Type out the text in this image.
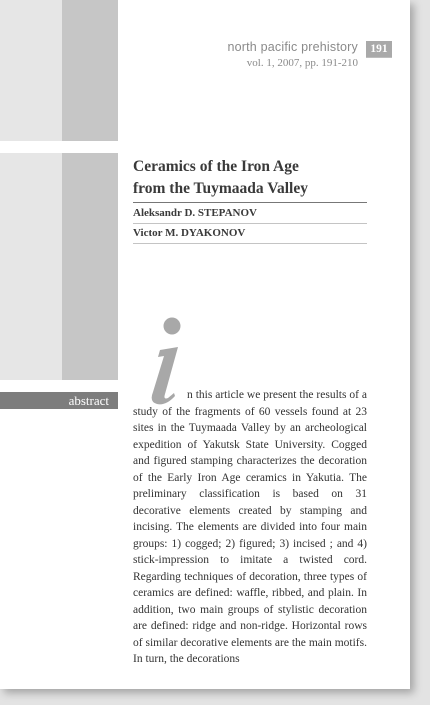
north pacific prehistory
vol. 1, 2007, pp. 191-210
191
Ceramics of the Iron Age
from the Tuymaada Valley
Aleksandr D. STEPANOV
Victor M. DYAKONOV
abstract	n this article we present the results of a study of the fragments of 60 vessels found at 23 sites in the Tuymaada Valley by an archeological expedition of Yakutsk State University. Cogged and figured stamping characterizes the decoration of the Early Iron Age ceramics in Yakutia. The preliminary classification is based on 31 decorative elements created by stamping and incising. The elements are divided into four main groups: 1) cogged; 2) figured; 3) incised ; and 4) stick-impression to imitate a twisted cord. Regarding techniques of decoration, three types of ceramics are defined: waffle, ribbed, and plain. In addition, two main groups of stylistic decoration are defined: ridge and non-ridge. Horizontal rows of similar decorative elements are the main motifs. In turn, the decorations
